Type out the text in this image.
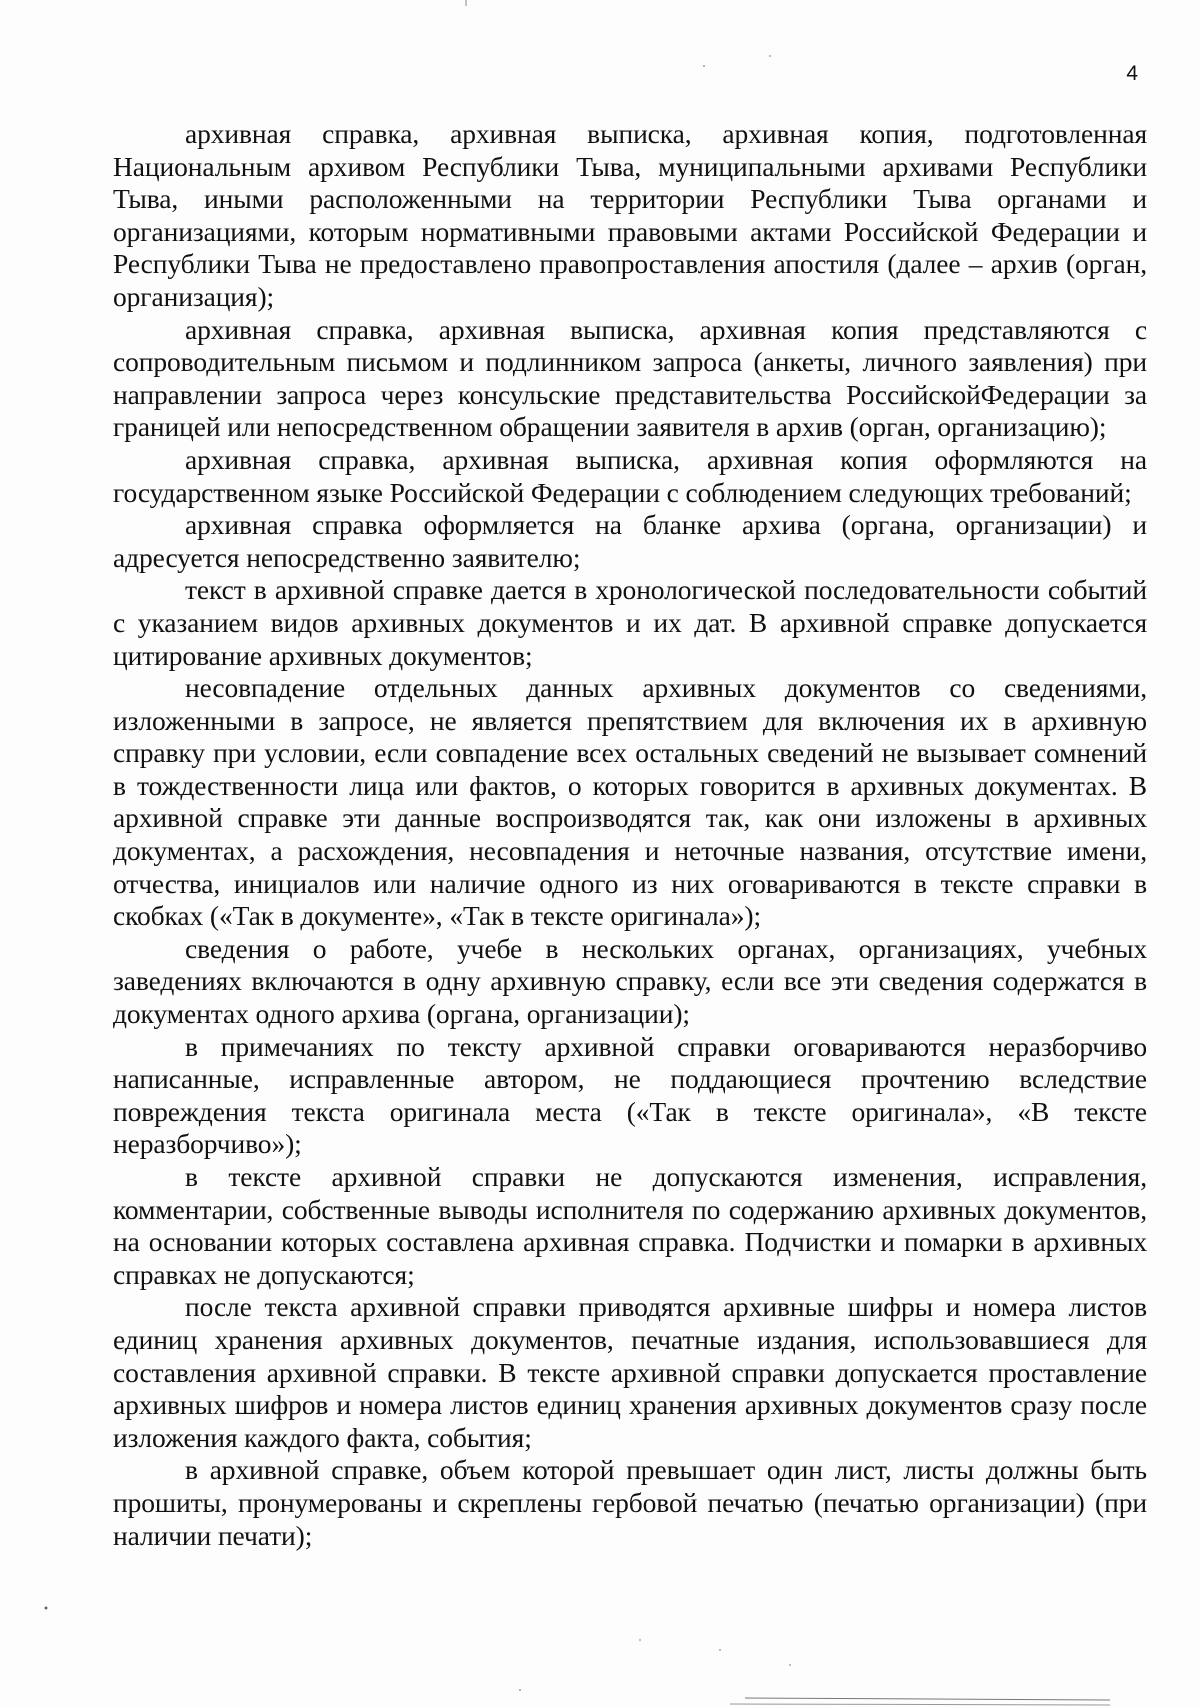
4

архивная справка, архивная выписка, архивная копия, подготовленная Национальным архивом Республики Тыва, муниципальными архивами Республики Тыва, иными расположенными на территории Республики Тыва органами и организациями, которым нормативными правовыми актами Российской Федерации и Республики Тыва не предоставлено правопроставления апостиля (далее – архив (орган, организация);

архивная справка, архивная выписка, архивная копия представляются с сопроводительным письмом и подлинником запроса (анкеты, личного заявления) при направлении запроса через консульские представительства РоссийскойФедерации за границей или непосредственном обращении заявителя в архив (орган, организацию);

архивная справка, архивная выписка, архивная копия оформляются на государственном языке Российской Федерации с соблюдением следующих требований;

архивная справка оформляется на бланке архива (органа, организации) и адресуется непосредственно заявителю;

текст в архивной справке дается в хронологической последовательности событий с указанием видов архивных документов и их дат. В архивной справке допускается цитирование архивных документов;

несовпадение отдельных данных архивных документов со сведениями, изложенными в запросе, не является препятствием для включения их в архивную справку при условии, если совпадение всех остальных сведений не вызывает сомнений в тождественности лица или фактов, о которых говорится в архивных документах. В архивной справке эти данные воспроизводятся так, как они изложены в архивных документах, а расхождения, несовпадения и неточные названия, отсутствие имени, отчества, инициалов или наличие одного из них оговариваются в тексте справки в скобках («Так в документе», «Так в тексте оригинала»);

сведения о работе, учебе в нескольких органах, организациях, учебных заведениях включаются в одну архивную справку, если все эти сведения содержатся в документах одного архива (органа, организации);

в примечаниях по тексту архивной справки оговариваются неразборчиво написанные, исправленные автором, не поддающиеся прочтению вследствие повреждения текста оригинала места («Так в тексте оригинала», «В тексте неразборчиво»);

в тексте архивной справки не допускаются изменения, исправления, комментарии, собственные выводы исполнителя по содержанию архивных документов, на основании которых составлена архивная справка. Подчистки и помарки в архивных справках не допускаются;

после текста архивной справки приводятся архивные шифры и номера листов единиц хранения архивных документов, печатные издания, использовавшиеся для составления архивной справки. В тексте архивной справки допускается проставление архивных шифров и номера листов единиц хранения архивных документов сразу после изложения каждого факта, события;

в архивной справке, объем которой превышает один лист, листы должны быть прошиты, пронумерованы и скреплены гербовой печатью (печатью организации) (при наличии печати);
